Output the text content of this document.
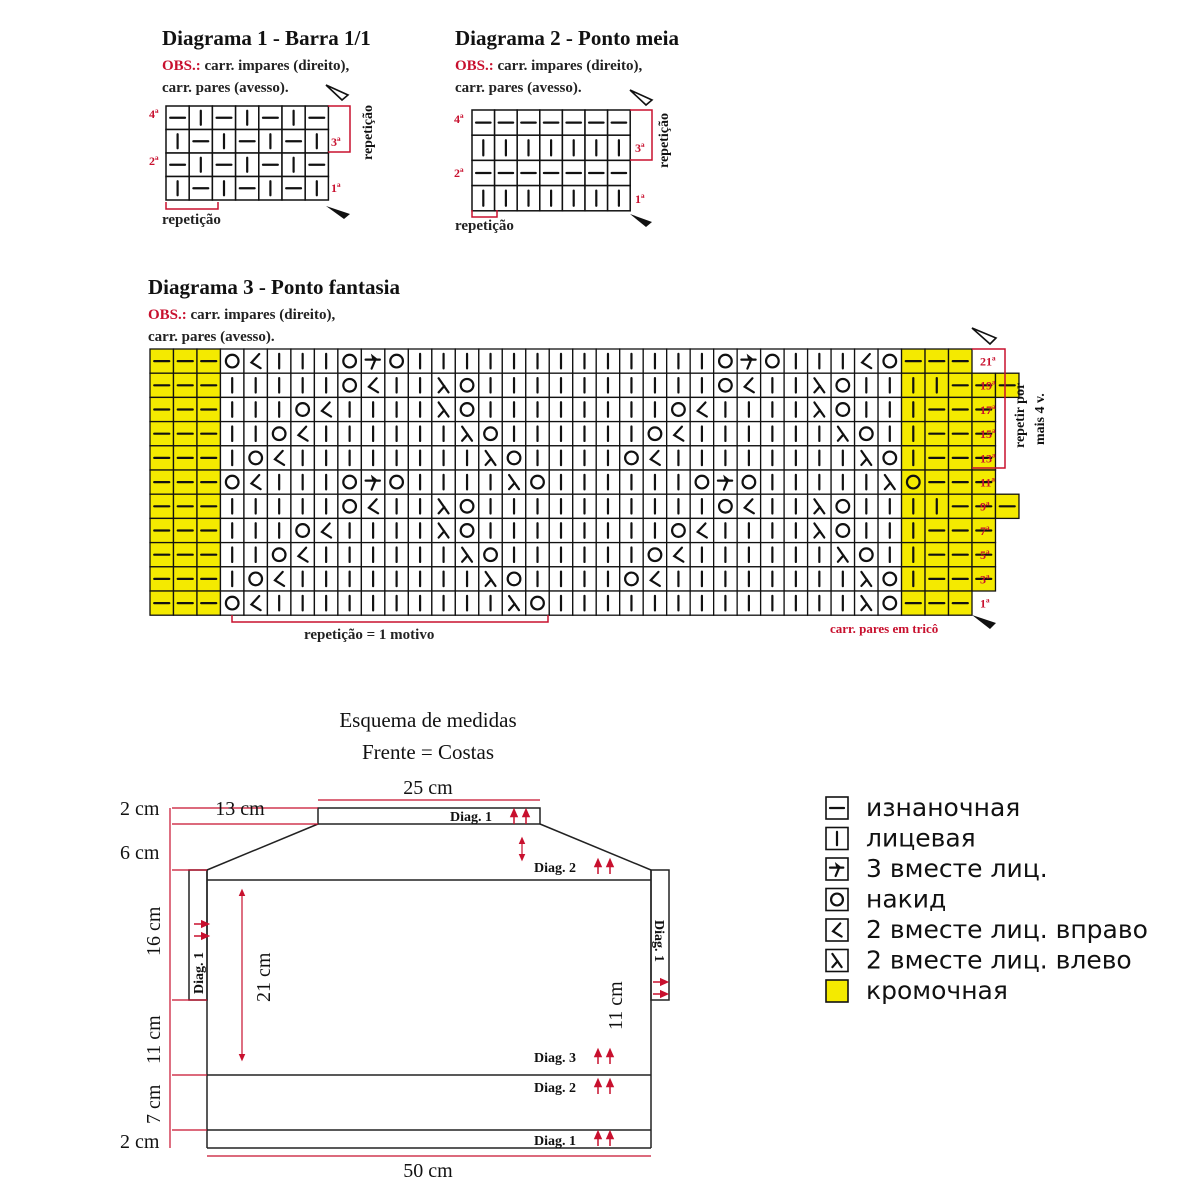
Diagrama 1 - Barra 1/1
OBS.: carr. impares (direito),
carr. pares (avesso).
4ª
2ª
3ª
1ª
repetição
repetição
Diagrama 2 - Ponto meia
OBS.: carr. impares (direito),
carr. pares (avesso).
4ª
2ª
3ª
1ª
repetição
repetição
Diagrama 3 - Ponto fantasia
OBS.: carr. impares (direito),
carr. pares (avesso).
21ª
19ª
17ª
15ª
13ª
11ª
9ª
7ª
5ª
3ª
1ª
repetir por mais 4 v.
repetição = 1 motivo	carr. pares em tricô
Esquema de medidas
Frente = Costas
25 cm
50 cm
13 cm
2 cm
6 cm
16 cm
11 cm
7 cm
2 cm
21 cm
11 cm
Diag. 1
Diag. 2
Diag. 1
Diag. 1
Diag. 3
Diag. 2
Diag. 1
изнаночная
лицевая
3 вместе лиц.
накид
2 вместе лиц. вправо
2 вместе лиц. влево
кромочная
